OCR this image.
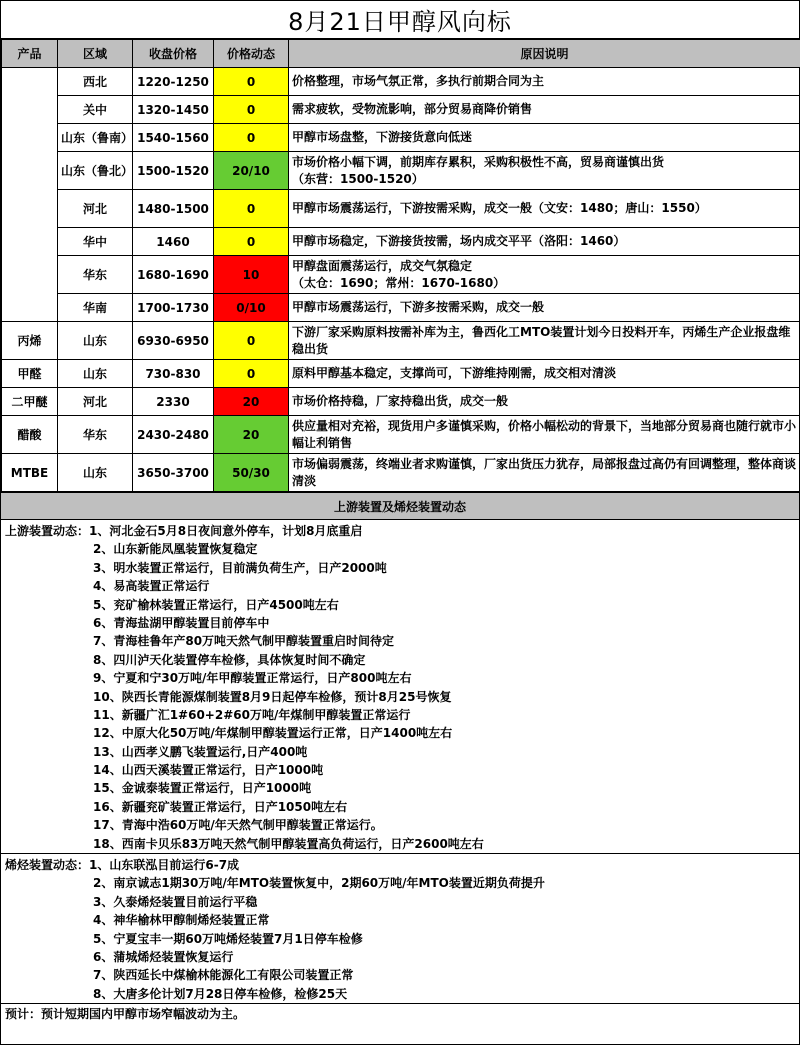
8月21日甲醇风向标
产品	区域	收盘价格	价格动态	原因说明
	西北	1220-1250	0	价格整理，市场气氛正常，多执行前期合同为主
	关中	1320-1450	0	需求疲软，受物流影响，部分贸易商降价销售
	山东（鲁南）	1540-1560	0	甲醇市场盘整，下游接货意向低迷
	山东（鲁北）	1500-1520	20/10	市场价格小幅下调，前期库存累积，采购积极性不高，贸易商谨慎出货
（东营：1500-1520）
	河北	1480-1500	0	甲醇市场震荡运行，下游按需采购，成交一般（文安：1480；唐山：1550）
	华中	1460	0	甲醇市场稳定，下游接货按需，场内成交平平（洛阳：1460）
	华东	1680-1690	10	甲醇盘面震荡运行，成交气氛稳定
（太仓：1690；常州：1670-1680）
	华南	1700-1730	0/10	甲醇市场震荡运行，下游多按需采购，成交一般
丙烯	山东	6930-6950	0	下游厂家采购原料按需补库为主，鲁西化工MTO装置计划今日投料开车，丙烯生产企业报盘维稳出货
甲醛	山东	730-830	0	原料甲醇基本稳定，支撑尚可，下游维持刚需，成交相对清淡
二甲醚	河北	2330	20	市场价格持稳，厂家持稳出货，成交一般
醋酸	华东	2430-2480	20	供应量相对充裕，现货用户多谨慎采购，价格小幅松动的背景下，当地部分贸易商也随行就市小幅让利销售
MTBE	山东	3650-3700	50/30	市场偏弱震荡，终端业者求购谨慎，厂家出货压力犹存，局部报盘过高仍有回调整理，整体商谈清淡
上游装置及烯烃装置动态
上游装置动态：1、河北金石5月8日夜间意外停车，计划8月底重启
2、山东新能凤凰装置恢复稳定
3、明水装置正常运行，目前满负荷生产，日产2000吨
4、易高装置正常运行
5、兖矿榆林装置正常运行，日产4500吨左右
6、青海盐湖甲醇装置目前停车中
7、青海桂鲁年产80万吨天然气制甲醇装置重启时间待定
8、四川泸天化装置停车检修，具体恢复时间不确定
9、宁夏和宁30万吨/年甲醇装置正常运行，日产800吨左右
10、陕西长青能源煤制装置8月9日起停车检修，预计8月25号恢复
11、新疆广汇1#60+2#60万吨/年煤制甲醇装置正常运行
12、中原大化50万吨/年煤制甲醇装置运行正常，日产1400吨左右
13、山西孝义鹏飞装置运行,日产400吨
14、山西天溪装置正常运行，日产1000吨
15、金诚泰装置正常运行，日产1000吨
16、新疆兖矿装置正常运行，日产1050吨左右
17、青海中浩60万吨/年天然气制甲醇装置正常运行。
18、西南卡贝乐83万吨天然气制甲醇装置高负荷运行，日产2600吨左右
烯烃装置动态：1、山东联泓目前运行6-7成
2、南京诚志1期30万吨/年MTO装置恢复中，2期60万吨/年MTO装置近期负荷提升
3、久泰烯烃装置目前运行平稳
4、神华榆林甲醇制烯烃装置正常
5、宁夏宝丰一期60万吨烯烃装置7月1日停车检修
6、蒲城烯烃装置恢复运行
7、陕西延长中煤榆林能源化工有限公司装置正常
8、大唐多伦计划7月28日停车检修，检修25天
预计：预计短期国内甲醇市场窄幅波动为主。
